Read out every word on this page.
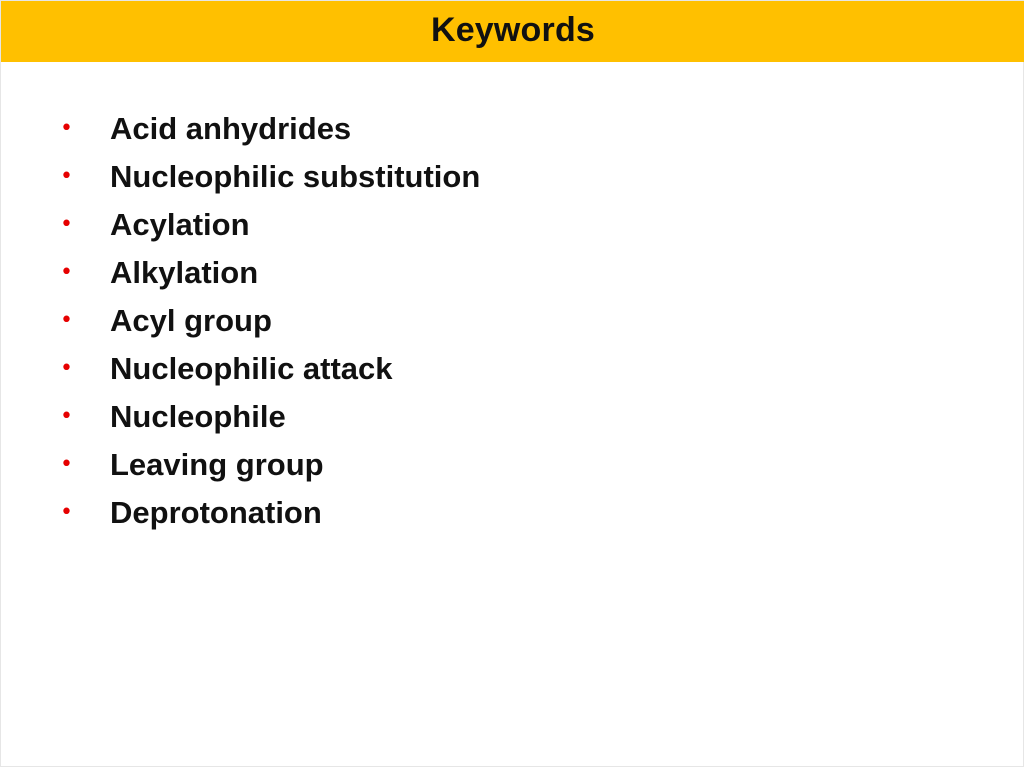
Keywords
•	Acid anhydrides
•	Nucleophilic substitution
•	Acylation
•	Alkylation
•	Acyl group
•	Nucleophilic attack
•	Nucleophile
•	Leaving group
•	Deprotonation
